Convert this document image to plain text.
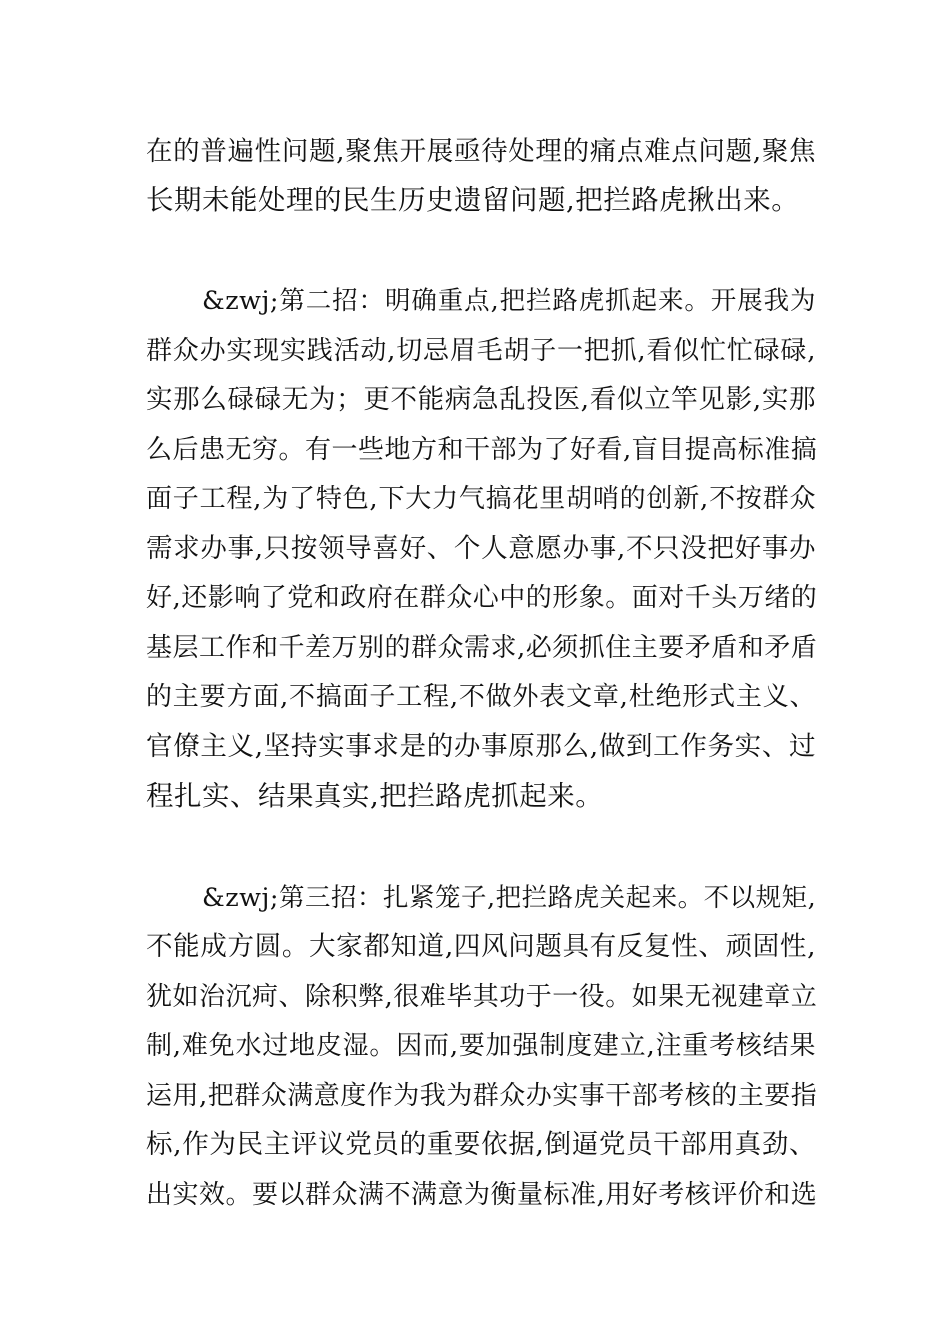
在的普遍性问题,聚焦开展亟待处理的痛点难点问题,聚焦
长期未能处理的民生历史遗留问题,把拦路虎揪出来。
&zwj;第二招：明确重点,把拦路虎抓起来。开展我为
群众办实现实践活动,切忌眉毛胡子一把抓,看似忙忙碌碌,
实那么碌碌无为；更不能病急乱投医,看似立竿见影,实那
么后患无穷。有一些地方和干部为了好看,盲目提高标准搞
面子工程,为了特色,下大力气搞花里胡哨的创新,不按群众
需求办事,只按领导喜好、个人意愿办事,不只没把好事办
好,还影响了党和政府在群众心中的形象。面对千头万绪的
基层工作和千差万别的群众需求,必须抓住主要矛盾和矛盾
的主要方面,不搞面子工程,不做外表文章,杜绝形式主义、
官僚主义,坚持实事求是的办事原那么,做到工作务实、过
程扎实、结果真实,把拦路虎抓起来。
&zwj;第三招：扎紧笼子,把拦路虎关起来。不以规矩,
不能成方圆。大家都知道,四风问题具有反复性、顽固性,
犹如治沉疴、除积弊,很难毕其功于一役。如果无视建章立
制,难免水过地皮湿。因而,要加强制度建立,注重考核结果
运用,把群众满意度作为我为群众办实事干部考核的主要指
标,作为民主评议党员的重要依据,倒逼党员干部用真劲、
出实效。要以群众满不满意为衡量标准,用好考核评价和选
